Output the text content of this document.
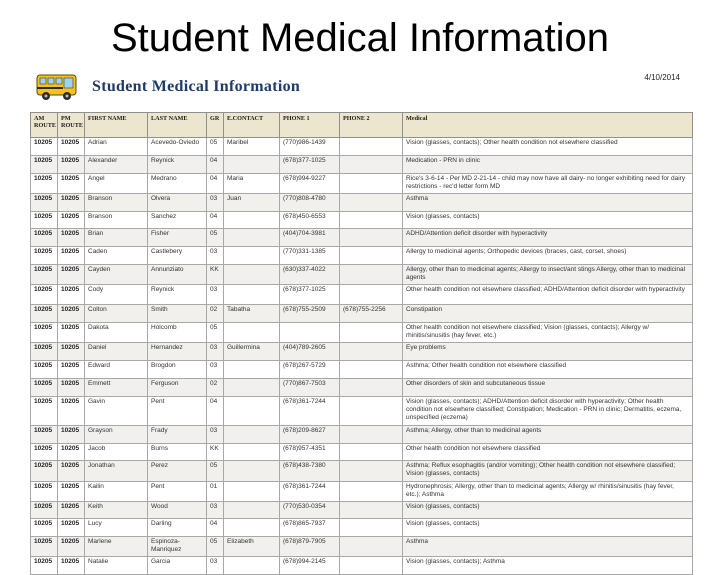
Student Medical Information
Student Medical Information
4/10/2014
AM ROUTE	PM ROUTE	FIRST NAME	LAST NAME	GR	E.CONTACT	PHONE 1	PHONE 2	Medical
10205	10205	Adrian	Acevedo-Oviedo	05	Maribel	(770)986-1439		Vision (glasses, contacts); Other health condition not elsewhere classified
10205	10205	Alexander	Reynick	04		(678)377-1025		Medication - PRN in clinic
10205	10205	Angel	Medrano	04	Maria	(678)994-9227		Rice's 3-6-14 - Per MD 2-21-14 - child may now have all dairy- no longer exhibiting need for dairy restrictions - rec'd letter form MD
10205	10205	Branson	Olvera	03	Juan	(770)808-4780		Asthma
10205	10205	Branson	Sanchez	04		(678)450-6553		Vision (glasses, contacts)
10205	10205	Brian	Fisher	05		(404)704-3981		ADHD/Attention deficit disorder with hyperactivity
10205	10205	Caden	Castlebery	03		(770)331-1385		Allergy to medicinal agents; Orthopedic devices (braces, cast, corset, shoes)
10205	10205	Cayden	Annunziato	KK		(630)337-4022		Allergy, other than to medicinal agents; Allergy to insect/ant stings Allergy, other than to medicinal agents
10205	10205	Cody	Reynick	03		(678)377-1025		Other health condition not elsewhere classified; ADHD/Attention deficit disorder with hyperactivity
10205	10205	Colton	Smith	02	Tabatha	(678)755-2509	(678)755-2256	Constipation
10205	10205	Dakota	Holcomb	05				Other health condition not elsewhere classified; Vision (glasses, contacts); Allergy w/ rhinitis/sinusitis (hay fever, etc.)
10205	10205	Daniel	Hernandez	03	Guillermina	(404)789-2605		Eye problems
10205	10205	Edward	Brogdon	03		(678)267-5729		Asthma; Other health condition not elsewhere classified
10205	10205	Emmett	Ferguson	02		(770)867-7503		Other disorders of skin and subcutaneous tissue
10205	10205	Gavin	Pent	04		(678)361-7244		Vision (glasses, contacts); ADHD/Attention deficit disorder with hyperactivity; Other health condition not elsewhere classified; Constipation; Medication - PRN in clinic; Dermatitis, eczema, unspecified (eczema)
10205	10205	Grayson	Frady	03		(678)209-8627		Asthma; Allergy, other than to medicinal agents
10205	10205	Jacob	Burns	KK		(678)957-4351		Other health condition not elsewhere classified
10205	10205	Jonathan	Perez	05		(678)438-7380		Asthma; Reflux esophagitis (and/or vomiting); Other health condition not elsewhere classified; Vision (glasses, contacts)
10205	10205	Kailin	Pent	01		(678)361-7244		Hydronephrosis; Allergy, other than to medicinal agents; Allergy w/ rhinitis/sinusitis (hay fever, etc.); Asthma
10205	10205	Keith	Wood	03		(770)530-0354		Vision (glasses, contacts)
10205	10205	Lucy	Darling	04		(678)865-7937		Vision (glasses, contacts)
10205	10205	Marlene	Espinoza-Manriquez	05	Elizabeth	(678)879-7905		Asthma
10205	10205	Natalie	Garcia	03		(678)994-2145		Vision (glasses, contacts); Asthma
